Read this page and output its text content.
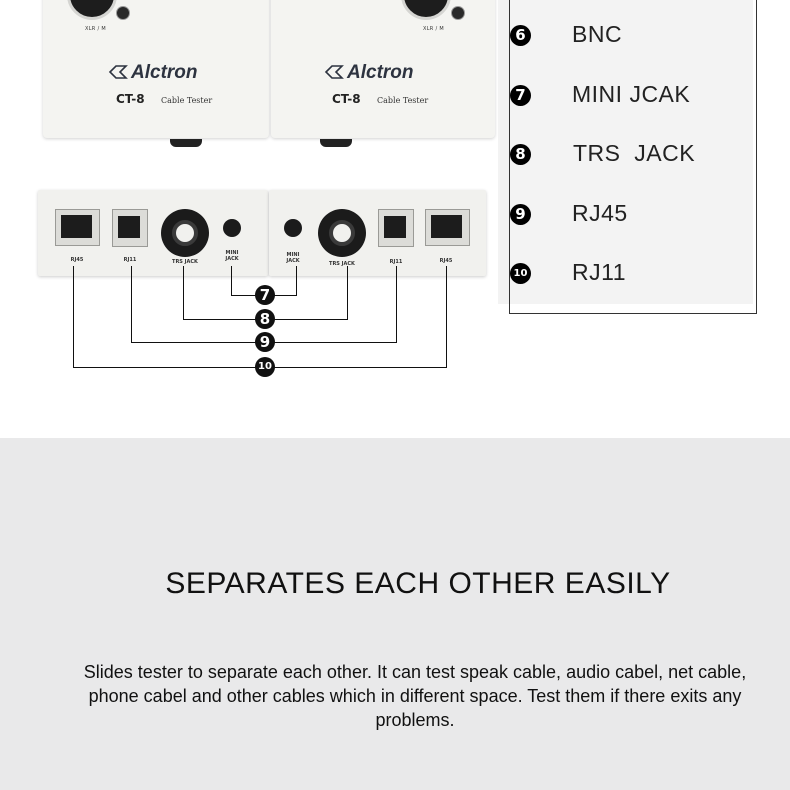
XLR / M
Alctron
CT-8 Cable Tester
XLR / M
Alctron
CT-8 Cable Tester
RJ45	RJ11	TRS JACK
MINI JACK
MINI JACK	TRS JACK	RJ11	RJ45
7
8
9
10
6 BNC
7 MINI JCAK
8 TRS  JACK
9 RJ45
10 RJ11
SEPARATES EACH OTHER EASILY
Slides tester to separate each other. It can test speak cable, audio cabel, net cable, phone cabel and other cables which in different space. Test them if there exits any problems.
